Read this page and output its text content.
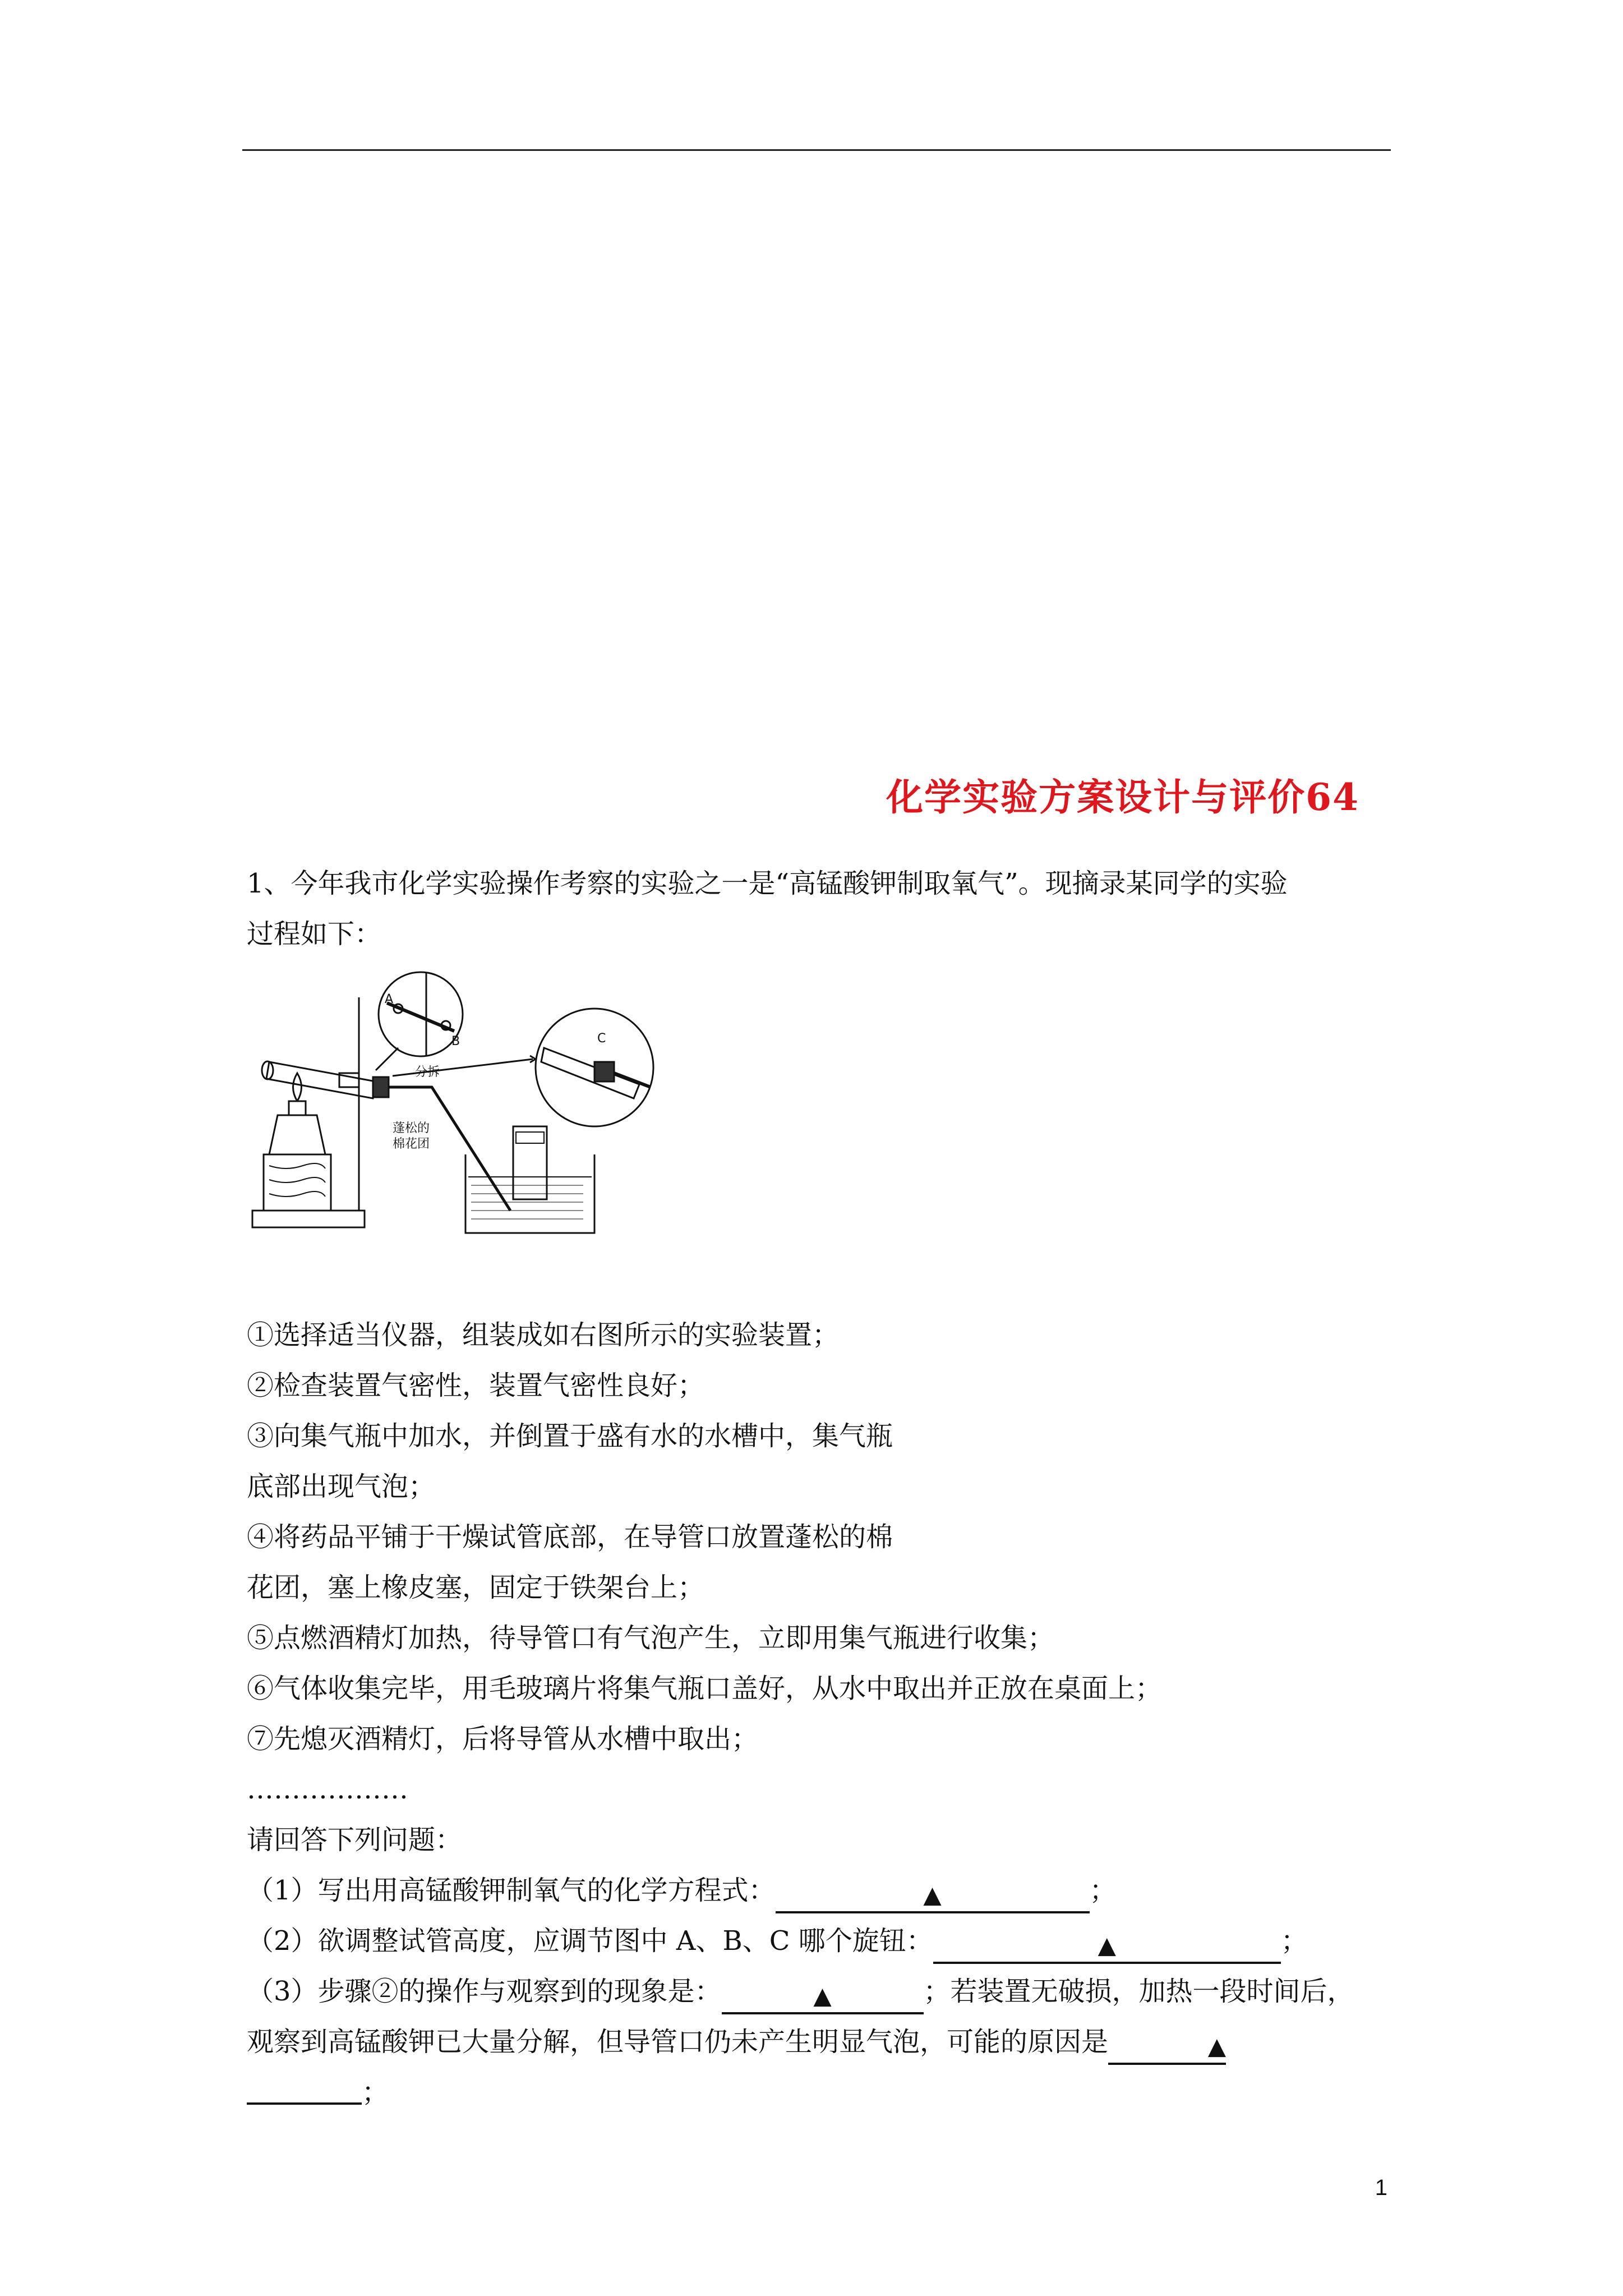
化学实验方案设计与评价64
1、今年我市化学实验操作考察的实验之一是“高锰酸钾制取氧气”。现摘录某同学的实验
过程如下：
①选择适当仪器，组装成如右图所示的实验装置；
②检查装置气密性，装置气密性良好；
③向集气瓶中加水，并倒置于盛有水的水槽中，集气瓶
底部出现气泡；
④将药品平铺于干燥试管底部，在导管口放置蓬松的棉
花团，塞上橡皮塞，固定于铁架台上；
⑤点燃酒精灯加热，待导管口有气泡产生，立即用集气瓶进行收集；
⑥气体收集完毕，用毛玻璃片将集气瓶口盖好，从水中取出并正放在桌面上；
⑦先熄灭酒精灯，后将导管从水槽中取出；
………………
请回答下列问题：
（1）写出用高锰酸钾制氧气的化学方程式：	▲	；
（2）欲调整试管高度，应调节图中 A、B、C 哪个旋钮：	▲	；
（3）步骤②的操作与观察到的现象是：	▲	；若装置无破损，加热一段时间后，
观察到高锰酸钾已大量分解，但导管口仍未产生明显气泡，可能的原因是	▲
；
A
B	C
分拆
蓬松的
棉花团
1
